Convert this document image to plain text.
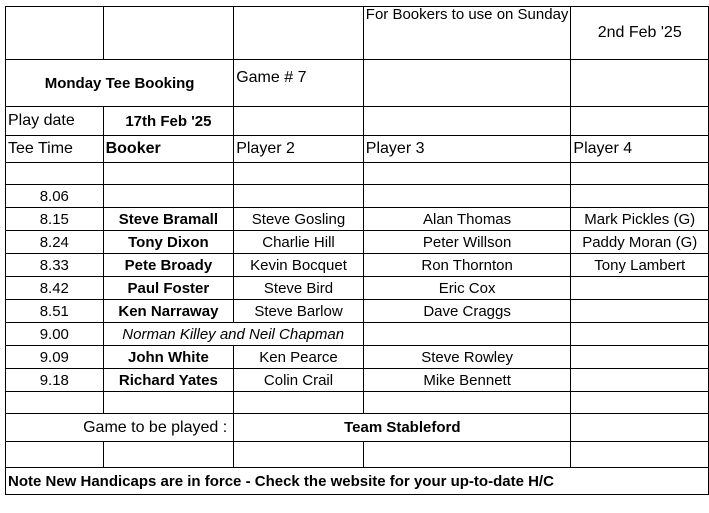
			For Bookers to use on Sunday	2nd Feb '25
Monday Tee Booking		Game # 7		
Play date	17th Feb '25			
Tee Time	Booker	Player 2	Player 3	Player 4

8.06				
8.15	Steve Bramall	Steve Gosling	Alan Thomas	Mark Pickles (G)
8.24	Tony Dixon	Charlie Hill	Peter Willson	Paddy Moran (G)
8.33	Pete Broady	Kevin Bocquet	Ron Thornton	Tony Lambert
8.42	Paul Foster	Steve Bird	Eric Cox	
8.51	Ken Narraway	Steve Barlow	Dave Craggs	
9.00	Norman Killey and Neil Chapman			
9.09	John White	Ken Pearce	Steve Rowley	
9.18	Richard Yates	Colin Crail	Mike Bennett	

Game to be played :		Team Stableford		

Note New Handicaps are in force - Check the website for your up-to-date H/C				
